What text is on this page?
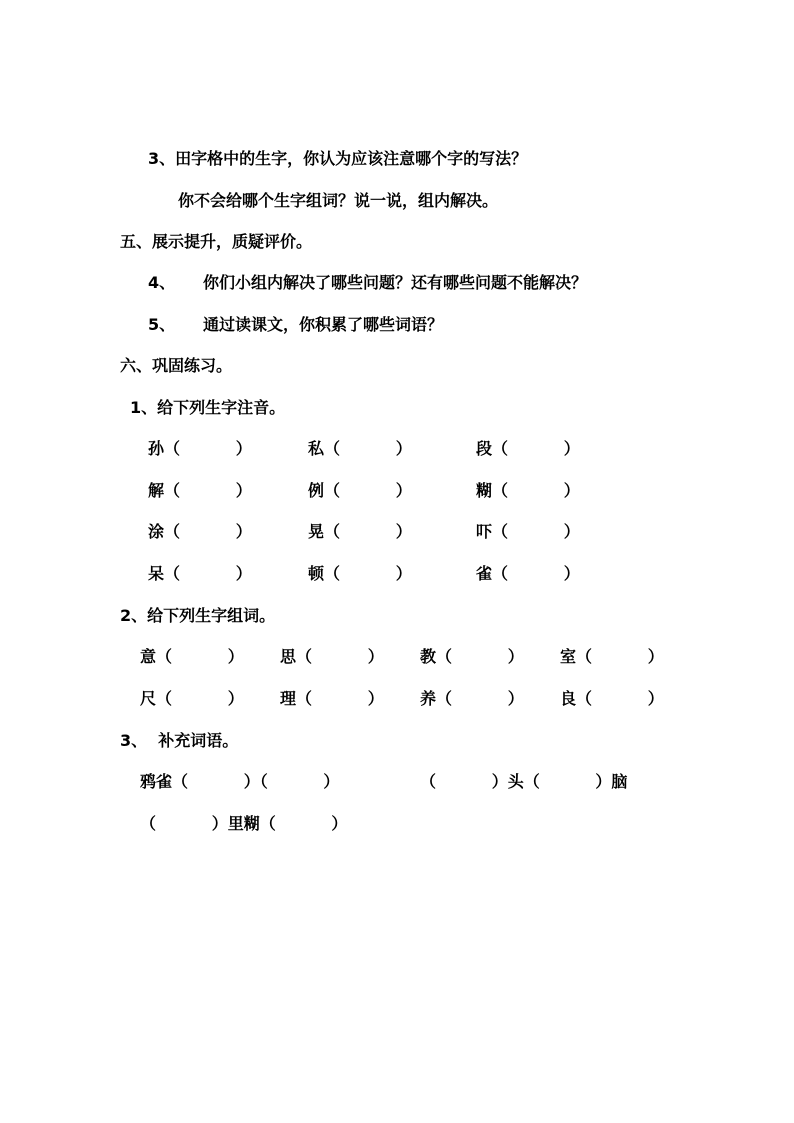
3、田字格中的生字，你认为应该注意哪个字的写法？
你不会给哪个生字组词？说一说，组内解决。
五、展示提升，质疑评价。
4、     你们小组内解决了哪些问题？还有哪些问题不能解决？
5、     通过读课文，你积累了哪些词语？
六、巩固练习。
1、给下列生字注音。
孙（          ）	私（          ）	段（          ）
解（          ）	例（          ）	糊（          ）
涂（          ）	晃（          ）	吓（          ）
呆（          ）	顿（          ）	雀（          ）
2、给下列生字组词。
意（          ） 思（          ） 教（          ） 室（          ）
尺（          ） 理（          ） 养（          ） 良（          ）
3、  补充词语。
鸦雀（          ）（          ）	（          ）头（          ）脑
（          ）里糊（          ）
